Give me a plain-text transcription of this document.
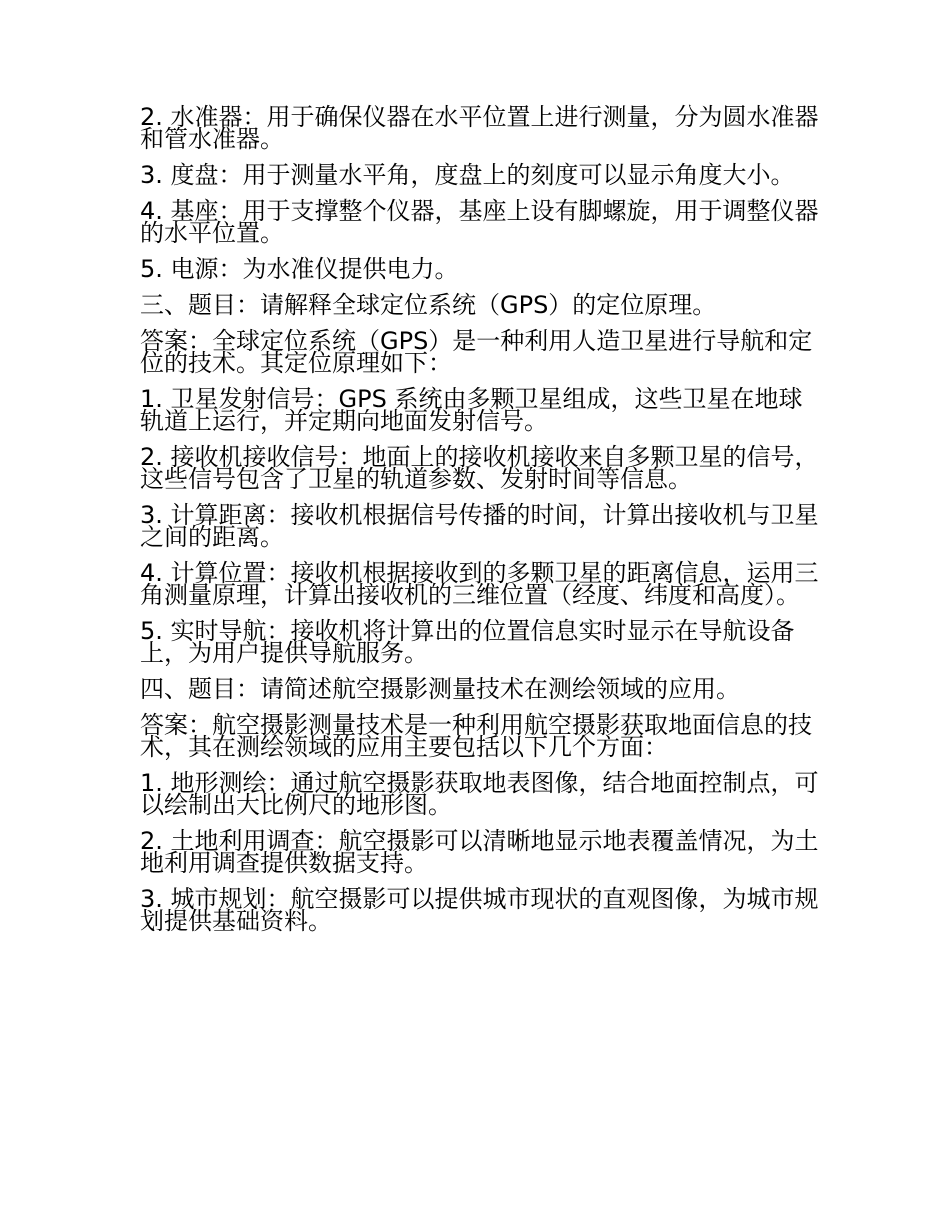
2. 水准器：用于确保仪器在水平位置上进行测量，分为圆水准器和管水准器。

3. 度盘：用于测量水平角，度盘上的刻度可以显示角度大小。

4. 基座：用于支撑整个仪器，基座上设有脚螺旋，用于调整仪器的水平位置。

5. 电源：为水准仪提供电力。

三、题目：请解释全球定位系统（GPS）的定位原理。

答案：全球定位系统（GPS）是一种利用人造卫星进行导航和定位的技术。其定位原理如下：

1. 卫星发射信号：GPS 系统由多颗卫星组成，这些卫星在地球轨道上运行，并定期向地面发射信号。

2. 接收机接收信号：地面上的接收机接收来自多颗卫星的信号，这些信号包含了卫星的轨道参数、发射时间等信息。

3. 计算距离：接收机根据信号传播的时间，计算出接收机与卫星之间的距离。

4. 计算位置：接收机根据接收到的多颗卫星的距离信息，运用三角测量原理，计算出接收机的三维位置（经度、纬度和高度）。

5. 实时导航：接收机将计算出的位置信息实时显示在导航设备上，为用户提供导航服务。

四、题目：请简述航空摄影测量技术在测绘领域的应用。

答案：航空摄影测量技术是一种利用航空摄影获取地面信息的技术，其在测绘领域的应用主要包括以下几个方面：

1. 地形测绘：通过航空摄影获取地表图像，结合地面控制点，可以绘制出大比例尺的地形图。

2. 土地利用调查：航空摄影可以清晰地显示地表覆盖情况，为土地利用调查提供数据支持。

3. 城市规划：航空摄影可以提供城市现状的直观图像，为城市规划提供基础资料。
